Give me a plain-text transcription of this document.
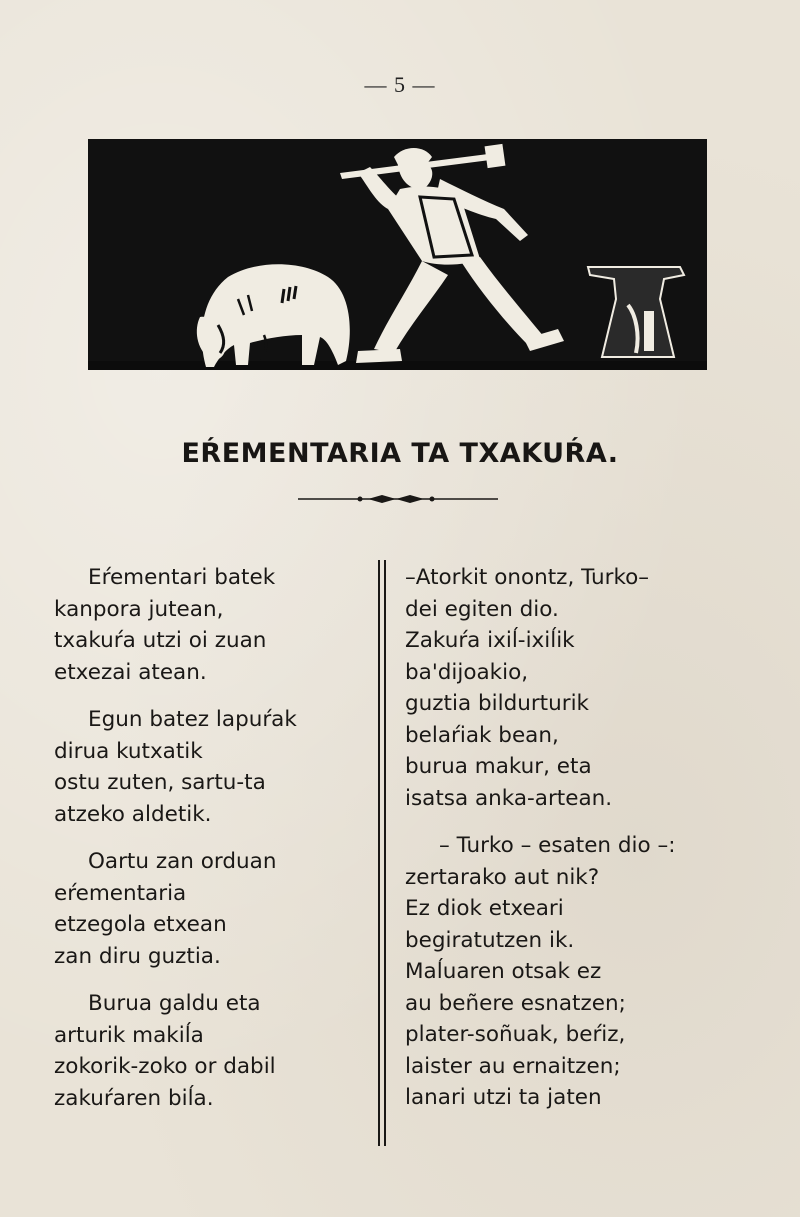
— 5 —
EŔEMENTARIA TA TXAKUŔA.
Eŕementari batek
kanpora jutean,
txakuŕa utzi oi zuan
etxezai atean.
Egun batez lapuŕak
dirua kutxatik
ostu zuten, sartu-ta
atzeko aldetik.
Oartu zan orduan
eŕementaria
etzegola etxean
zan diru guztia.
Burua galdu eta
arturik makiĺa
zokorik-zoko or dabil
zakuŕaren biĺa.
–Atorkit onontz, Turko–
dei egiten dio.
Zakuŕa ixiĺ-ixiĺik
ba'dijoakio,
guztia bildurturik
belaŕiak bean,
burua makur, eta
isatsa anka-artean.
– Turko – esaten dio –:
zertarako aut nik?
Ez diok etxeari
begiratutzen ik.
Maĺuaren otsak ez
au beñere esnatzen;
plater-soñuak, beŕiz,
laister au ernaitzen;
lanari utzi ta jaten
